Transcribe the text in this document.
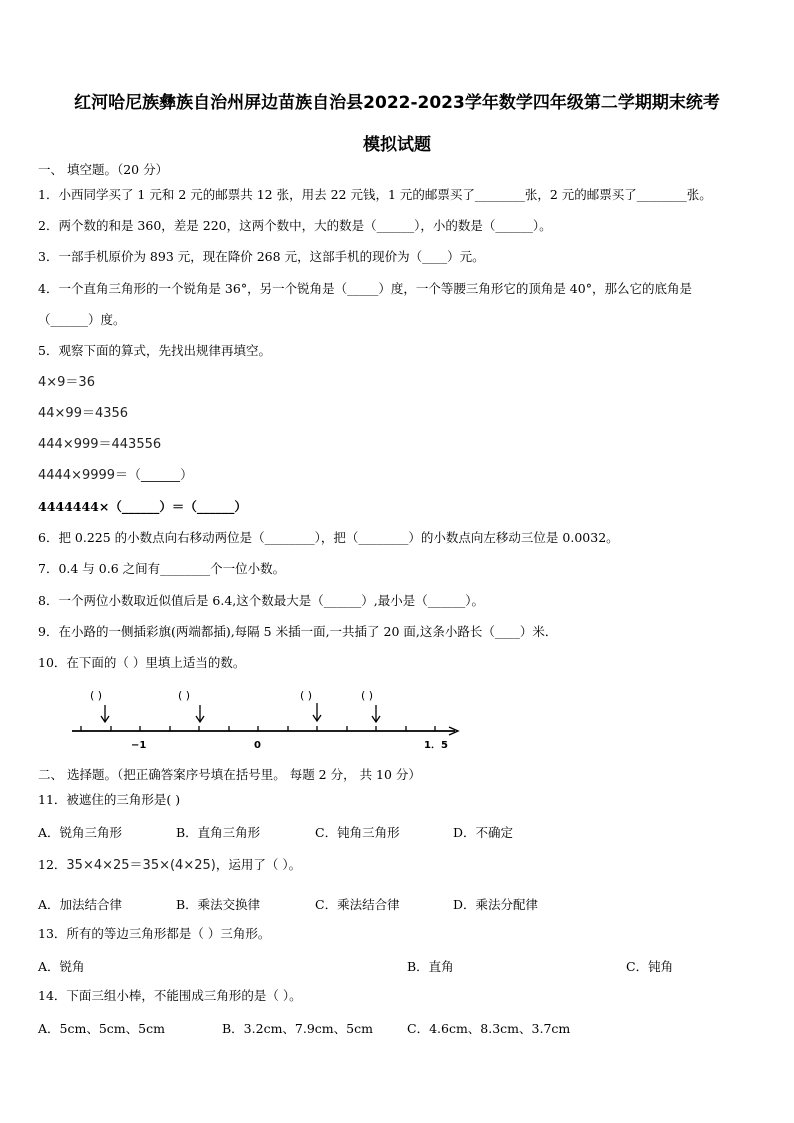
红河哈尼族彝族自治州屏边苗族自治县2022-2023学年数学四年级第二学期期末统考
模拟试题
一、 填空题。（20 分）
1．小西同学买了 1 元和 2 元的邮票共 12 张，用去 22 元钱，1 元的邮票买了________张，2 元的邮票买了________张。
2．两个数的和是 360，差是 220，这两个数中，大的数是（______），小的数是（______）。
3．一部手机原价为 893 元，现在降价 268 元，这部手机的现价为（____）元。
4．一个直角三角形的一个锐角是 36°，另一个锐角是（_____）度，一个等腰三角形它的顶角是 40°，那么它的底角是
（______）度。
5．观察下面的算式，先找出规律再填空。
4×9＝36
44×99＝4356
444×999＝443556
4444×9999＝（______）
4444444×（______）＝（______）
6．把 0.225 的小数点向右移动两位是（________），把（________）的小数点向左移动三位是 0.0032。
7．0.4 与 0.6 之间有________个一位小数。
8．一个两位小数取近似值后是 6.4,这个数最大是（______）,最小是（______）。
9．在小路的一侧插彩旗(两端都插),每隔 5 米插一面,一共插了 20 面,这条小路长（____）米．
10．在下面的（ ）里填上适当的数。
( )	( )	( )	( )
−1	0	1．5
二、 选择题。（把正确答案序号填在括号里。 每题 2 分， 共 10 分）
11．被遮住的三角形是( )
A．锐角三角形	B．直角三角形	C．钝角三角形	D．不确定
12．35×4×25＝35×(4×25)，运用了（ ）。
A．加法结合律	B．乘法交换律	C．乘法结合律	D．乘法分配律
13．所有的等边三角形都是（ ）三角形。
A．锐角	B．直角	C．钝角
14．下面三组小棒，不能围成三角形的是（ ）。
A．5cm、5cm、5cm	B．3.2cm、7.9cm、5cm	C．4.6cm、8.3cm、3.7cm
